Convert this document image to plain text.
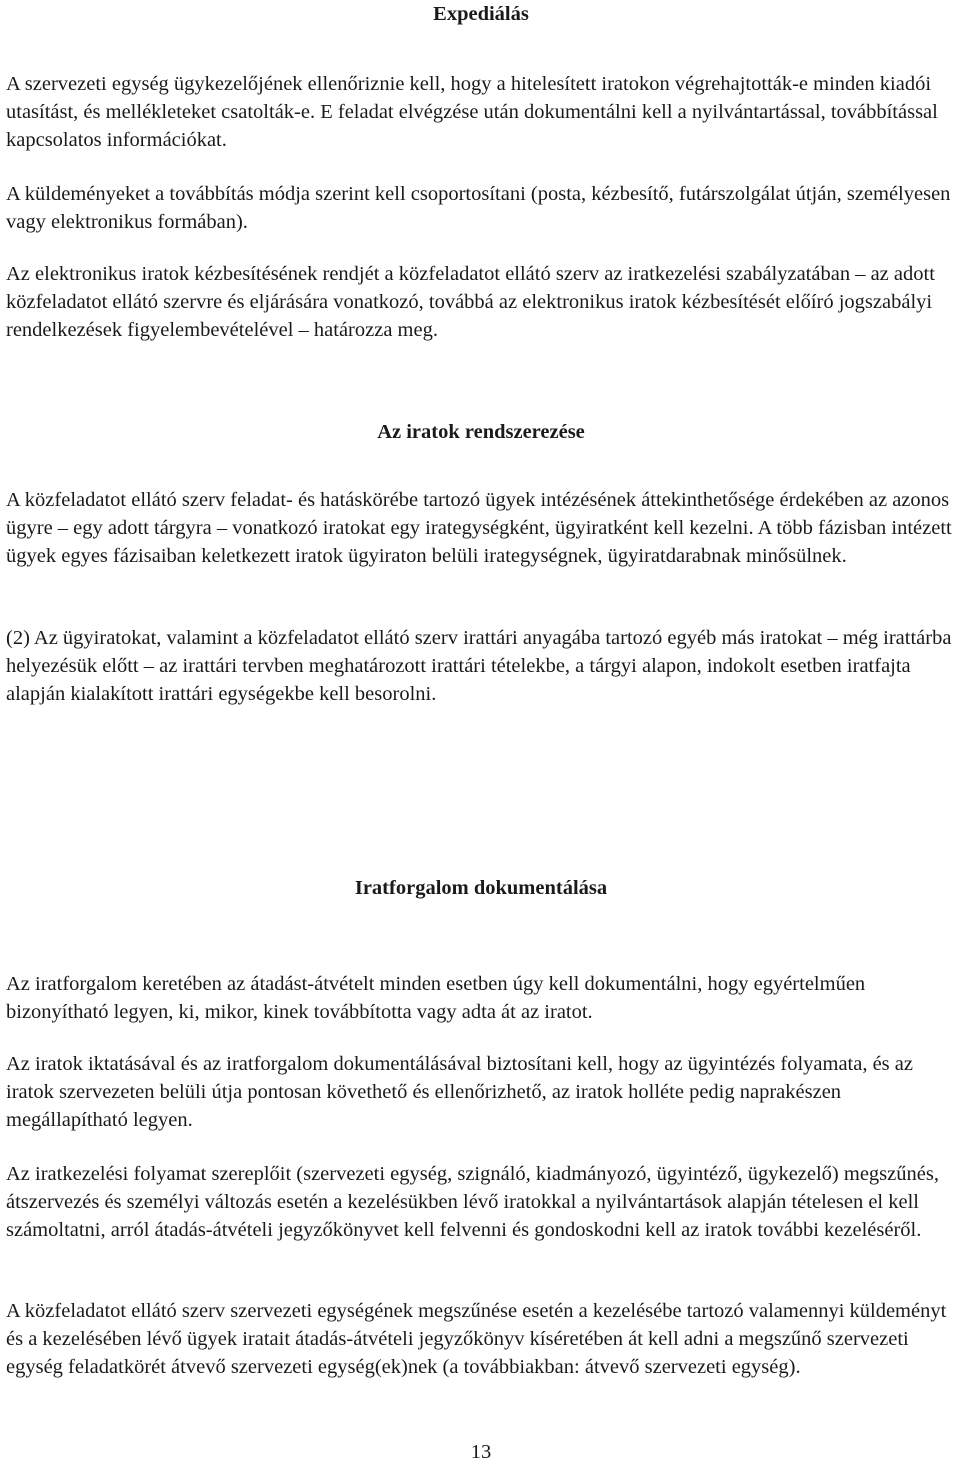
Expediálás

A szervezeti egység ügykezelőjének ellenőriznie kell, hogy a hitelesített iratokon végrehajtották-e minden kiadói utasítást, és mellékleteket csatolták-e. E feladat elvégzése után dokumentálni kell a nyilvántartással, továbbítással kapcsolatos információkat.

A küldeményeket a továbbítás módja szerint kell csoportosítani (posta, kézbesítő, futárszolgálat útján, személyesen vagy elektronikus formában).

Az elektronikus iratok kézbesítésének rendjét a közfeladatot ellátó szerv az iratkezelési szabályzatában – az adott közfeladatot ellátó szervre és eljárására vonatkozó, továbbá az elektronikus iratok kézbesítését előíró jogszabályi rendelkezések figyelembevételével – határozza meg.

Az iratok rendszerezése

A közfeladatot ellátó szerv feladat- és hatáskörébe tartozó ügyek intézésének áttekinthetősége érdekében az azonos ügyre – egy adott tárgyra – vonatkozó iratokat egy irategységként, ügyiratként kell kezelni. A több fázisban intézett ügyek egyes fázisaiban keletkezett iratok ügyiraton belüli irategységnek, ügyiratdarabnak minősülnek.

(2) Az ügyiratokat, valamint a közfeladatot ellátó szerv irattári anyagába tartozó egyéb más iratokat – még irattárba helyezésük előtt – az irattári tervben meghatározott irattári tételekbe, a tárgyi alapon, indokolt esetben iratfajta alapján kialakított irattári egységekbe kell besorolni.

Iratforgalom dokumentálása

Az iratforgalom keretében az átadást-átvételt minden esetben úgy kell dokumentálni, hogy egyértelműen bizonyítható legyen, ki, mikor, kinek továbbította vagy adta át az iratot.

Az iratok iktatásával és az iratforgalom dokumentálásával biztosítani kell, hogy az ügyintézés folyamata, és az iratok szervezeten belüli útja pontosan követhető és ellenőrizhető, az iratok holléte pedig naprakészen megállapítható legyen.

Az iratkezelési folyamat szereplőit (szervezeti egység, szignáló, kiadmányozó, ügyintéző, ügykezelő) megszűnés, átszervezés és személyi változás esetén a kezelésükben lévő iratokkal a nyilvántartások alapján tételesen el kell számoltatni, arról átadás-átvételi jegyzőkönyvet kell felvenni és gondoskodni kell az iratok további kezeléséről.

A közfeladatot ellátó szerv szervezeti egységének megszűnése esetén a kezelésébe tartozó valamennyi küldeményt és a kezelésében lévő ügyek iratait átadás-átvételi jegyzőkönyv kíséretében át kell adni a megszűnő szervezeti egység feladatkörét átvevő szervezeti egység(ek)nek (a továbbiakban: átvevő szervezeti egység).

13
